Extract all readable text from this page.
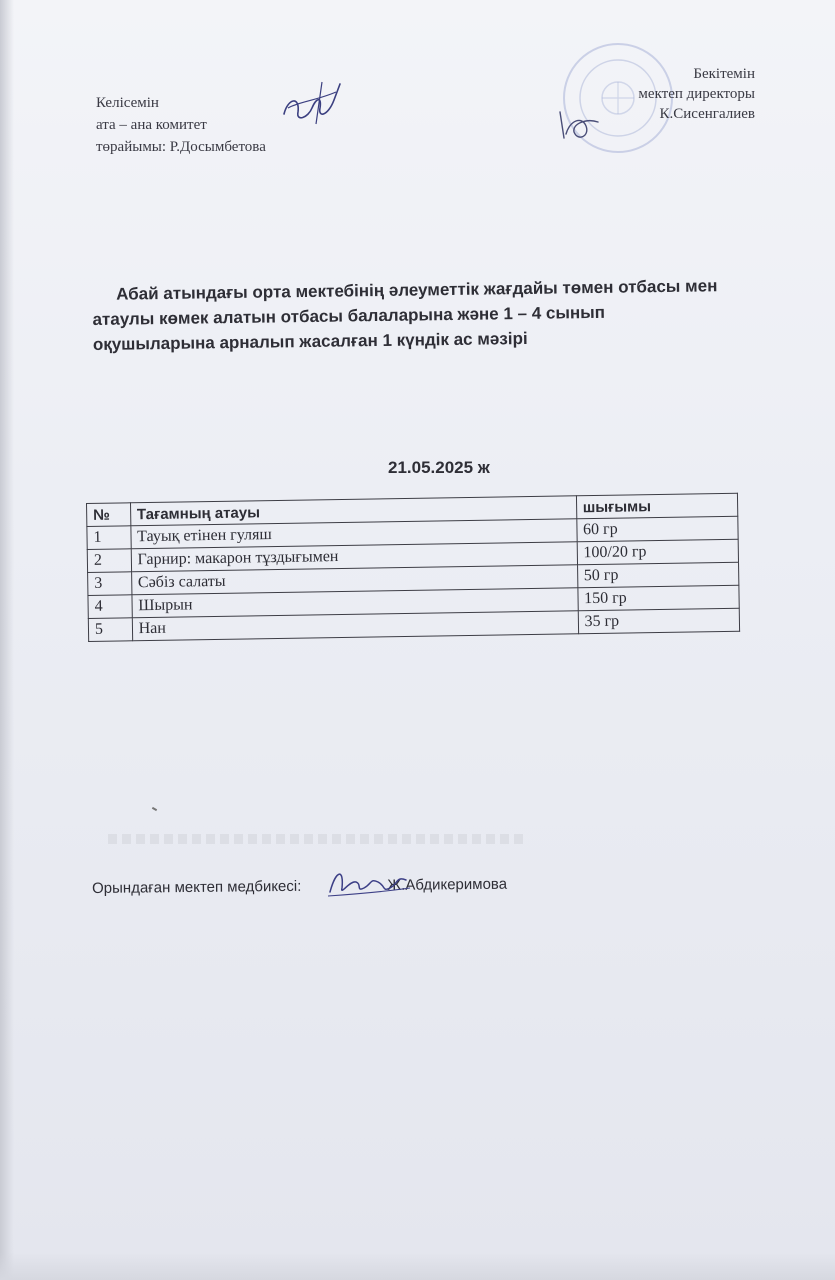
Келісемін
ата – ана комитет
төрайымы: Р.Досымбетова
Бекітемін
мектеп директоры
К.Сисенгалиев
Абай атындағы орта мектебінің әлеуметтік жағдайы төмен отбасы мен
атаулы көмек алатын отбасы балаларына және 1 – 4 сынып
оқушыларына арналып жасалған 1 күндік ас мәзірі
21.05.2025 ж
№	Тағамның атауы	шығымы
1	Тауық етінен гуляш	60 гр
2	Гарнир: макарон тұздығымен	100/20 гр
3	Сәбіз салаты	50 гр
4	Шырын	150 гр
5	Нан	35 гр
Орындаған мектеп медбикесі:	Ж.Абдикеримова
